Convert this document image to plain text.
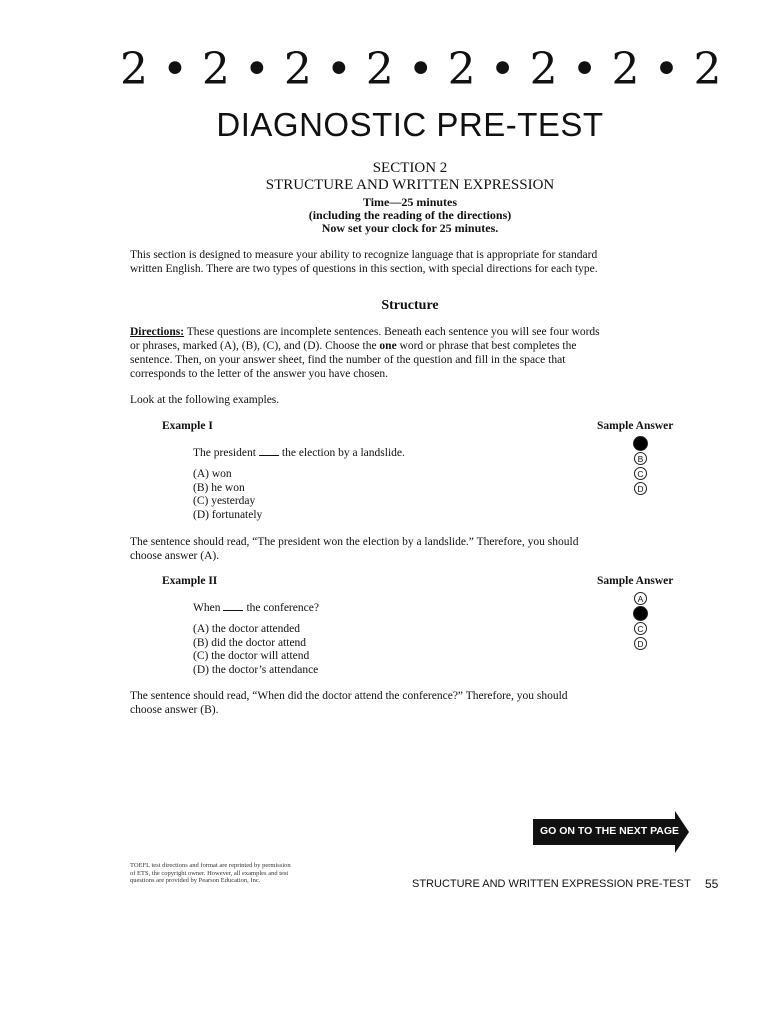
2 • 2 • 2 • 2 • 2 • 2 • 2 • 2
DIAGNOSTIC PRE-TEST
SECTION 2
STRUCTURE AND WRITTEN EXPRESSION
Time—25 minutes
(including the reading of the directions)
Now set your clock for 25 minutes.
This section is designed to measure your ability to recognize language that is appropriate for standard
written English. There are two types of questions in this section, with special directions for each type.
Structure
Directions: These questions are incomplete sentences. Beneath each sentence you will see four words
or phrases, marked (A), (B), (C), and (D). Choose the one word or phrase that best completes the
sentence. Then, on your answer sheet, find the number of the question and fill in the space that
corresponds to the letter of the answer you have chosen.
Look at the following examples.
Example I	Sample Answer
The president the election by a landslide.
(A) won
(B) he won
(C) yesterday
(D) fortunately
B
C
D
The sentence should read, “The president won the election by a landslide.” Therefore, you should
choose answer (A).
Example II	Sample Answer
When the conference?
(A) the doctor attended
(B) did the doctor attend
(C) the doctor will attend
(D) the doctor’s attendance
A
C
D
The sentence should read, “When did the doctor attend the conference?” Therefore, you should
choose answer (B).
GO ON TO THE NEXT PAGE
TOEFL test directions and format are reprinted by permission
of ETS, the copyright owner. However, all examples and test
questions are provided by Pearson Education, Inc.	STRUCTURE AND WRITTEN EXPRESSION PRE-TEST 55
